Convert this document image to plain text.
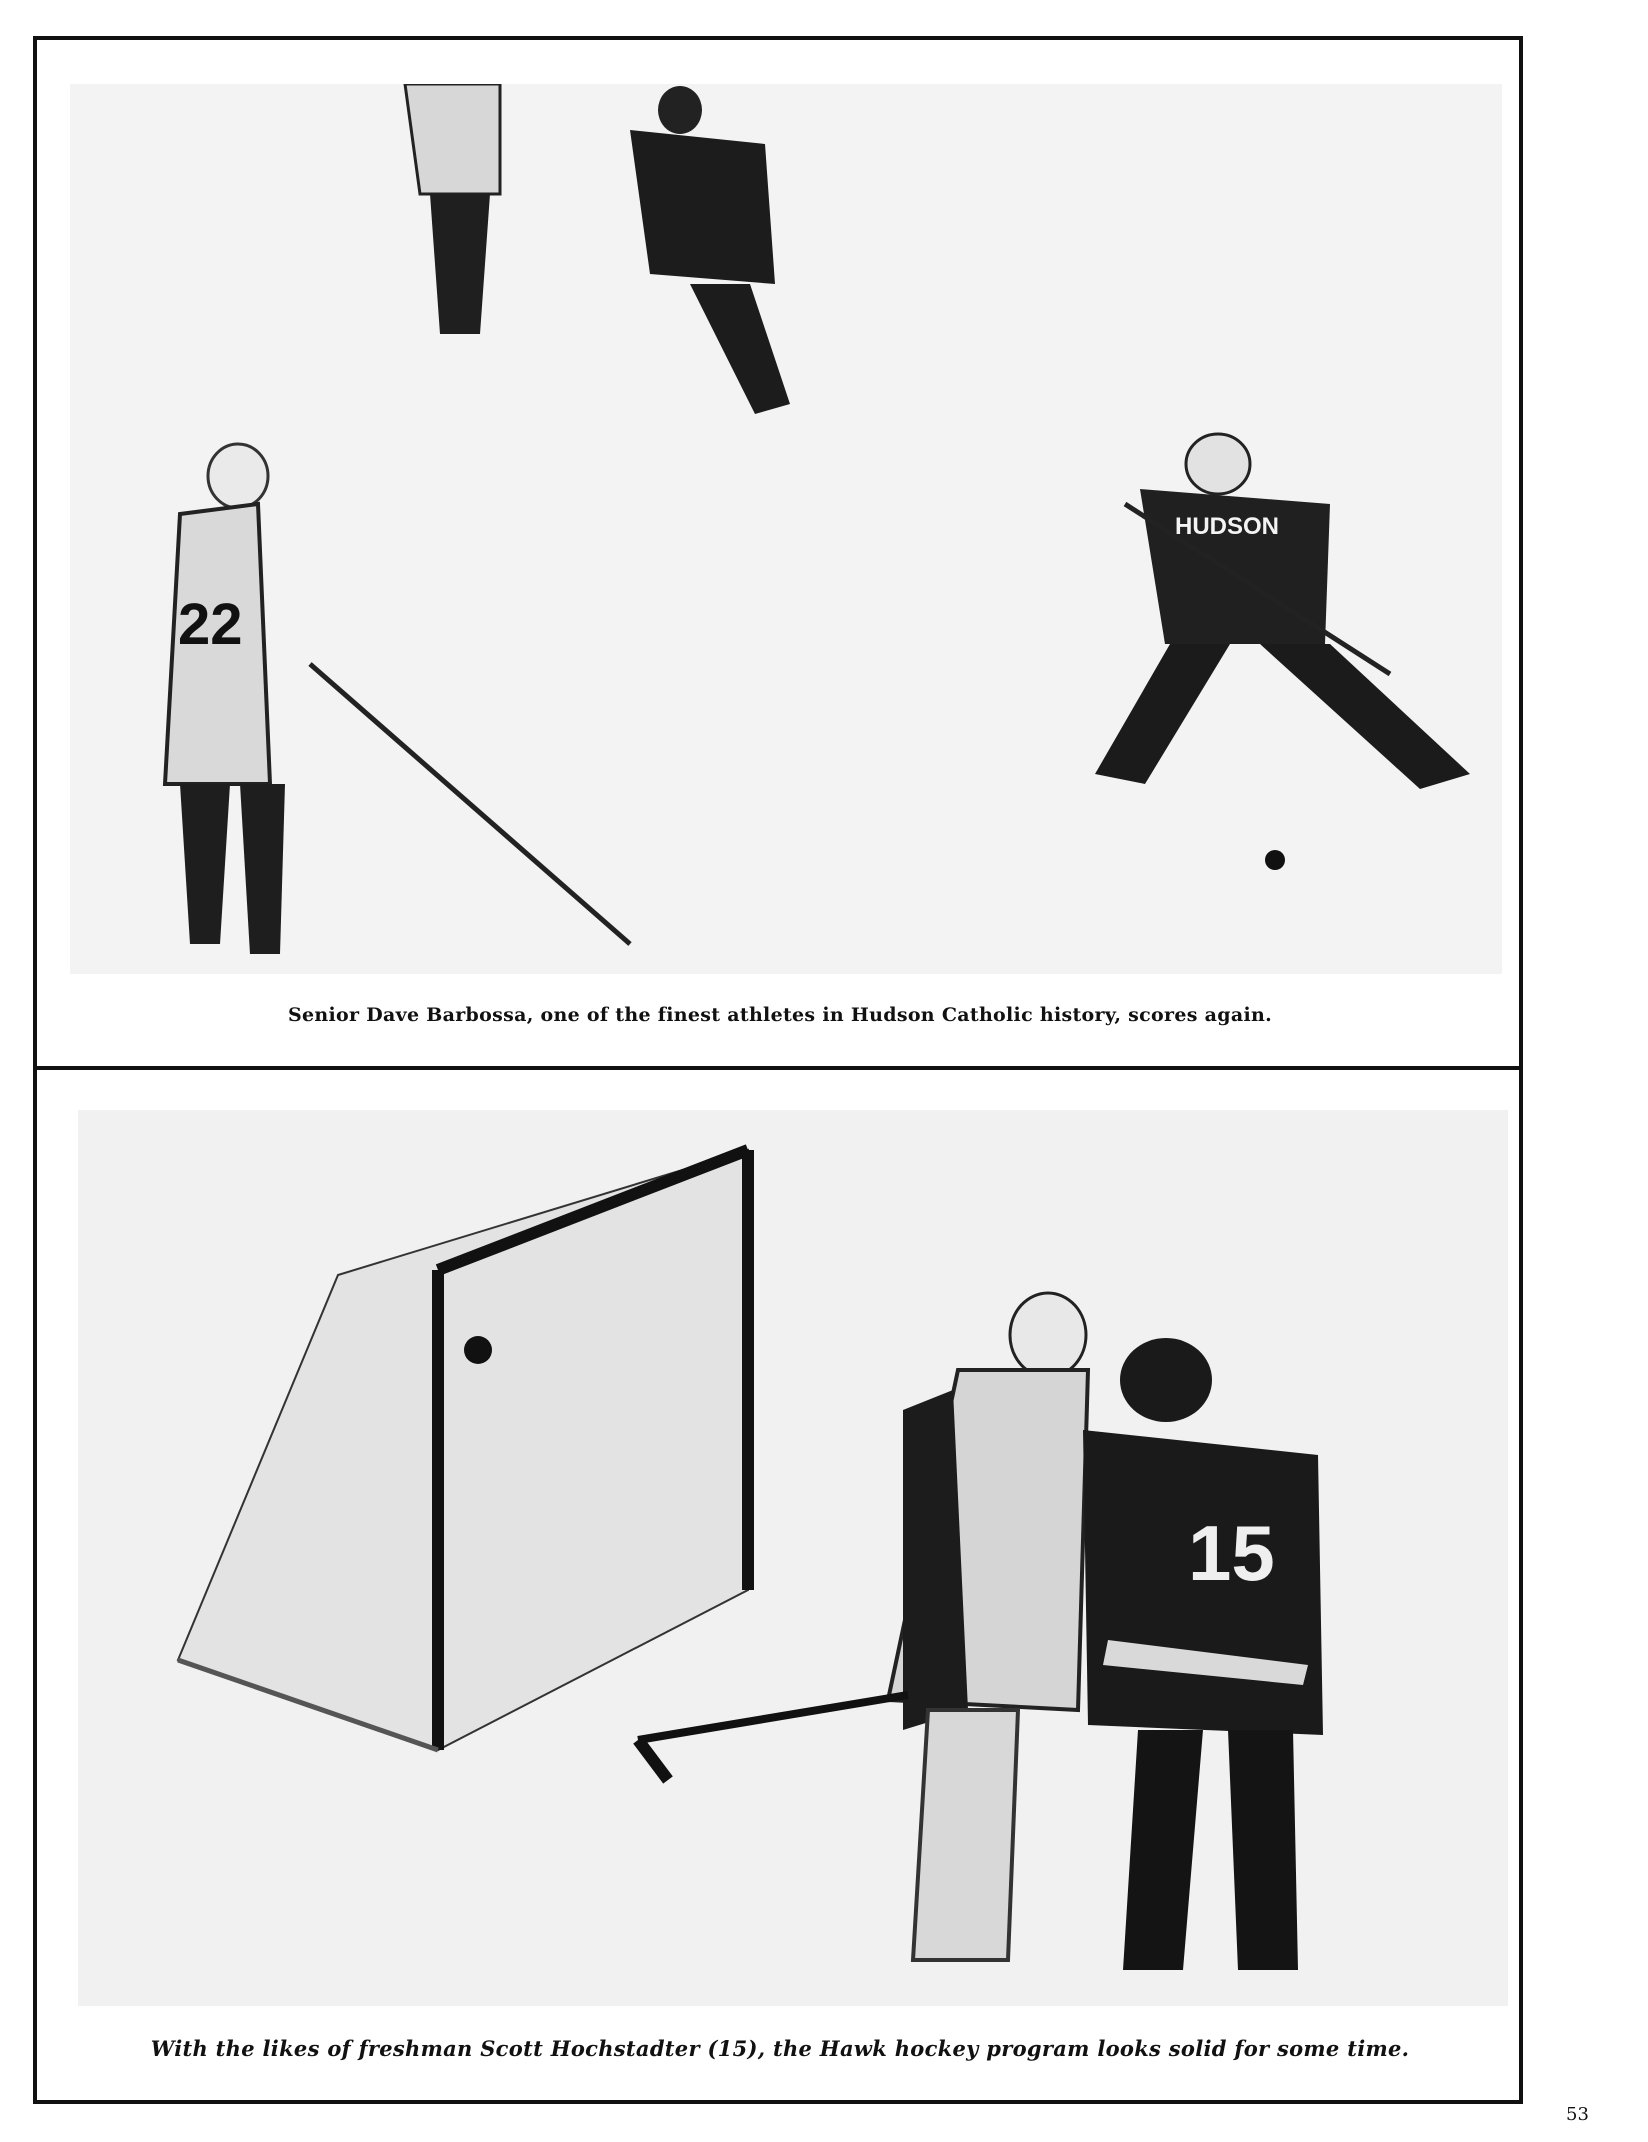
22
HUDSON
Senior Dave Barbossa, one of the finest athletes in Hudson Catholic history, scores again.
15
With the likes of freshman Scott Hochstadter (15), the Hawk hockey program looks solid for some time.
53
